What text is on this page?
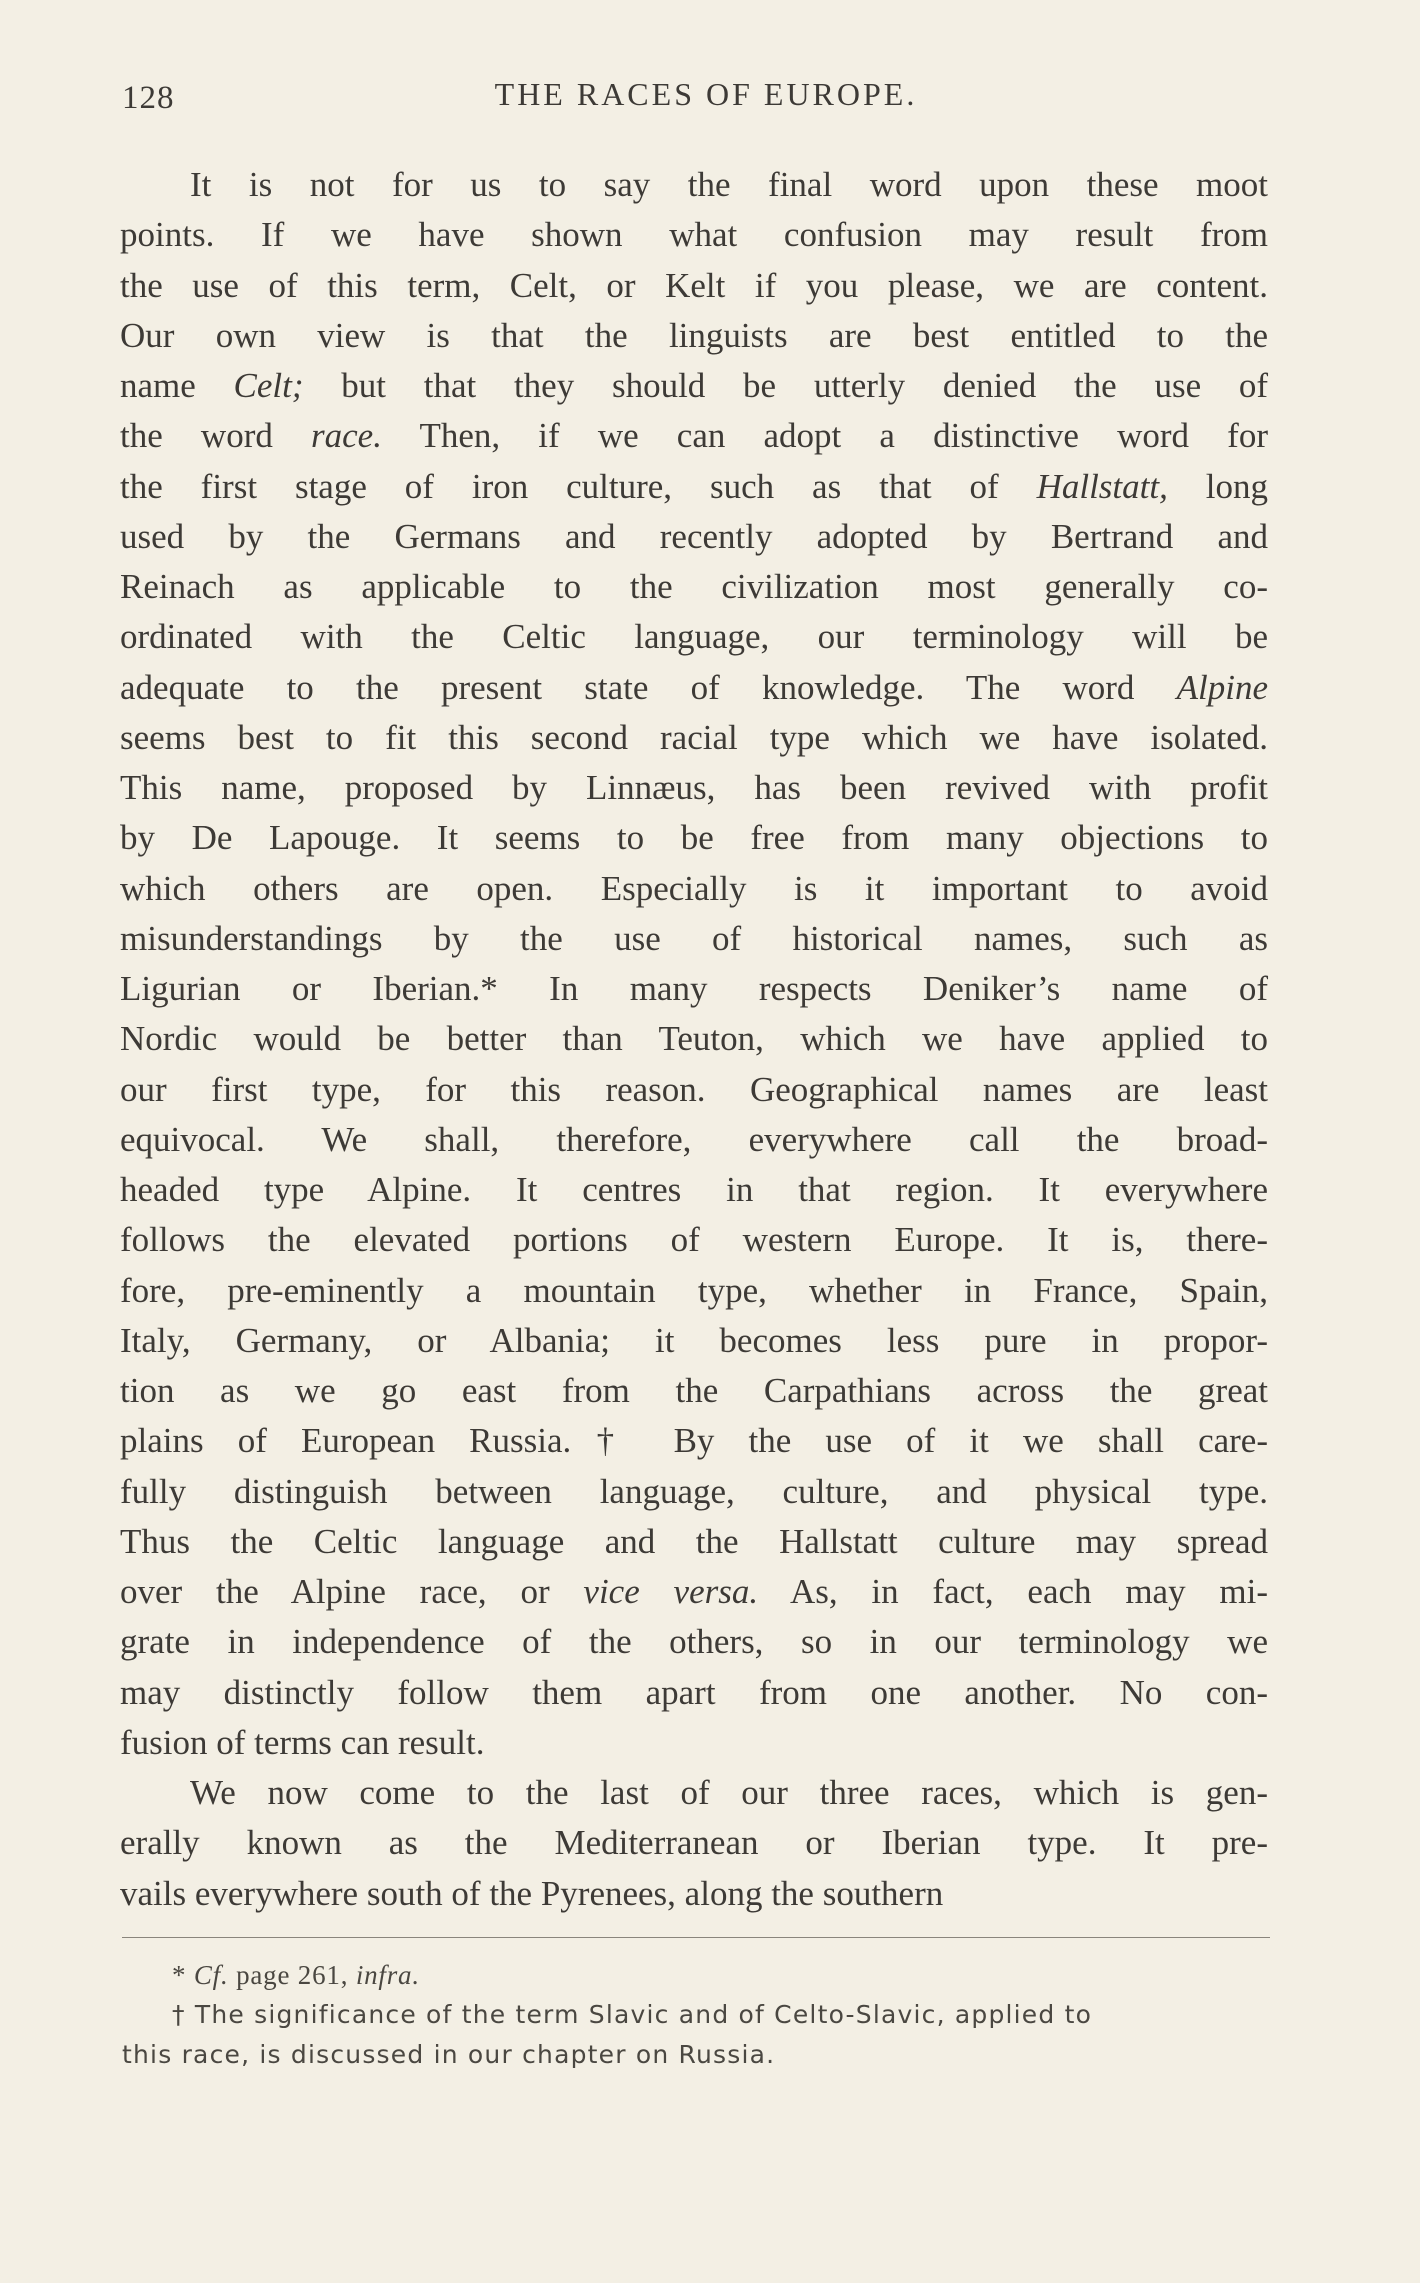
128	THE RACES OF EUROPE.
It is not for us to say the final word upon these moot
points. If we have shown what confusion may result from
the use of this term, Celt, or Kelt if you please, we are content.
Our own view is that the linguists are best entitled to the
name Celt; but that they should be utterly denied the use of
the word race. Then, if we can adopt a distinctive word for
the first stage of iron culture, such as that of Hallstatt, long
used by the Germans and recently adopted by Bertrand and
Reinach as applicable to the civilization most generally co-
ordinated with the Celtic language, our terminology will be
adequate to the present state of knowledge. The word Alpine
seems best to fit this second racial type which we have isolated.
This name, proposed by Linnæus, has been revived with profit
by De Lapouge. It seems to be free from many objections to
which others are open. Especially is it important to avoid
misunderstandings by the use of historical names, such as
Ligurian or Iberian.* In many respects Deniker’s name of
Nordic would be better than Teuton, which we have applied to
our first type, for this reason. Geographical names are least
equivocal. We shall, therefore, everywhere call the broad-
headed type Alpine. It centres in that region. It everywhere
follows the elevated portions of western Europe. It is, there-
fore, pre-eminently a mountain type, whether in France, Spain,
Italy, Germany, or Albania; it becomes less pure in propor-
tion as we go east from the Carpathians across the great
plains of European Russia.† By the use of it we shall care-
fully distinguish between language, culture, and physical type.
Thus the Celtic language and the Hallstatt culture may spread
over the Alpine race, or vice versa. As, in fact, each may mi-
grate in independence of the others, so in our terminology we
may distinctly follow them apart from one another. No con-
fusion of terms can result.
We now come to the last of our three races, which is gen-
erally known as the Mediterranean or Iberian type. It pre-
vails everywhere south of the Pyrenees, along the southern
* Cf. page 261, infra.
† The significance of the term Slavic and of Celto-Slavic, applied to
this race, is discussed in our chapter on Russia.
